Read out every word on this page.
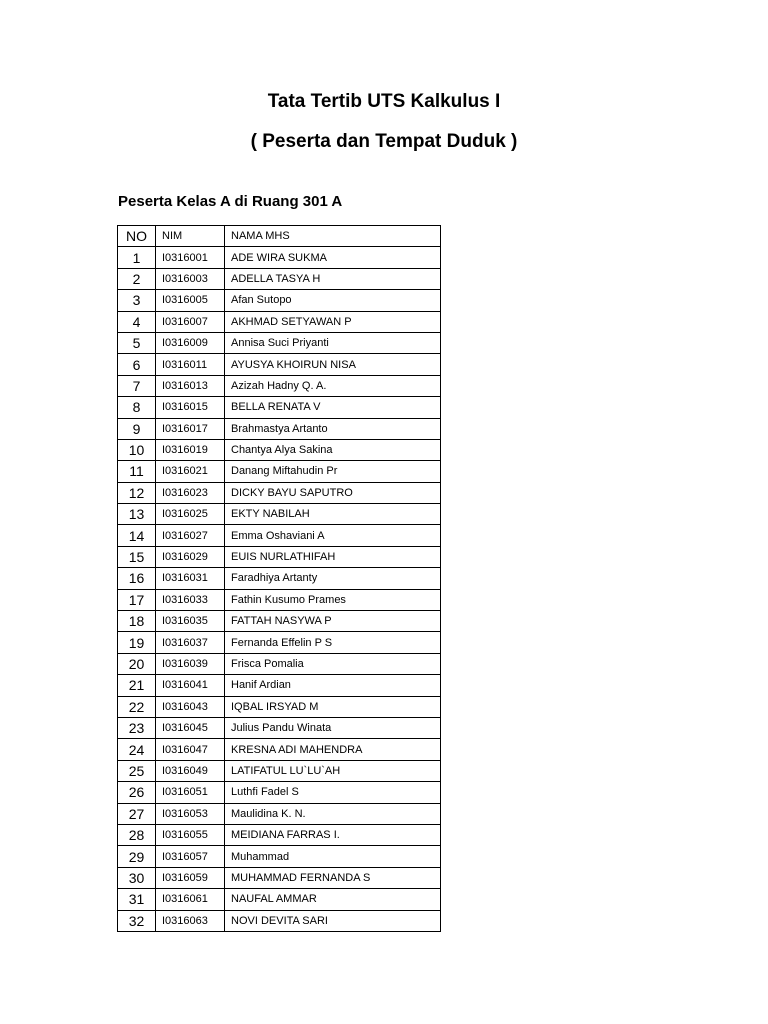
Tata Tertib UTS Kalkulus I
( Peserta dan Tempat Duduk )
Peserta Kelas A di Ruang 301 A
NO	NIM	NAMA MHS
1	I0316001	ADE WIRA SUKMA
2	I0316003	ADELLA TASYA H
3	I0316005	Afan Sutopo
4	I0316007	AKHMAD SETYAWAN P
5	I0316009	Annisa Suci Priyanti
6	I0316011	AYUSYA KHOIRUN NISA
7	I0316013	Azizah Hadny Q. A.
8	I0316015	BELLA RENATA V
9	I0316017	Brahmastya Artanto
10	I0316019	Chantya Alya Sakina
11	I0316021	Danang Miftahudin Pr
12	I0316023	DICKY BAYU SAPUTRO
13	I0316025	EKTY NABILAH
14	I0316027	Emma Oshaviani A
15	I0316029	EUIS NURLATHIFAH
16	I0316031	Faradhiya Artanty
17	I0316033	Fathin Kusumo Prames
18	I0316035	FATTAH NASYWA P
19	I0316037	Fernanda Effelin P S
20	I0316039	Frisca Pomalia
21	I0316041	Hanif Ardian
22	I0316043	IQBAL IRSYAD M
23	I0316045	Julius Pandu Winata
24	I0316047	KRESNA ADI MAHENDRA
25	I0316049	LATIFATUL LU`LU`AH
26	I0316051	Luthfi Fadel S
27	I0316053	Maulidina K. N.
28	I0316055	MEIDIANA FARRAS I.
29	I0316057	Muhammad
30	I0316059	MUHAMMAD FERNANDA S
31	I0316061	NAUFAL AMMAR
32	I0316063	NOVI DEVITA SARI
